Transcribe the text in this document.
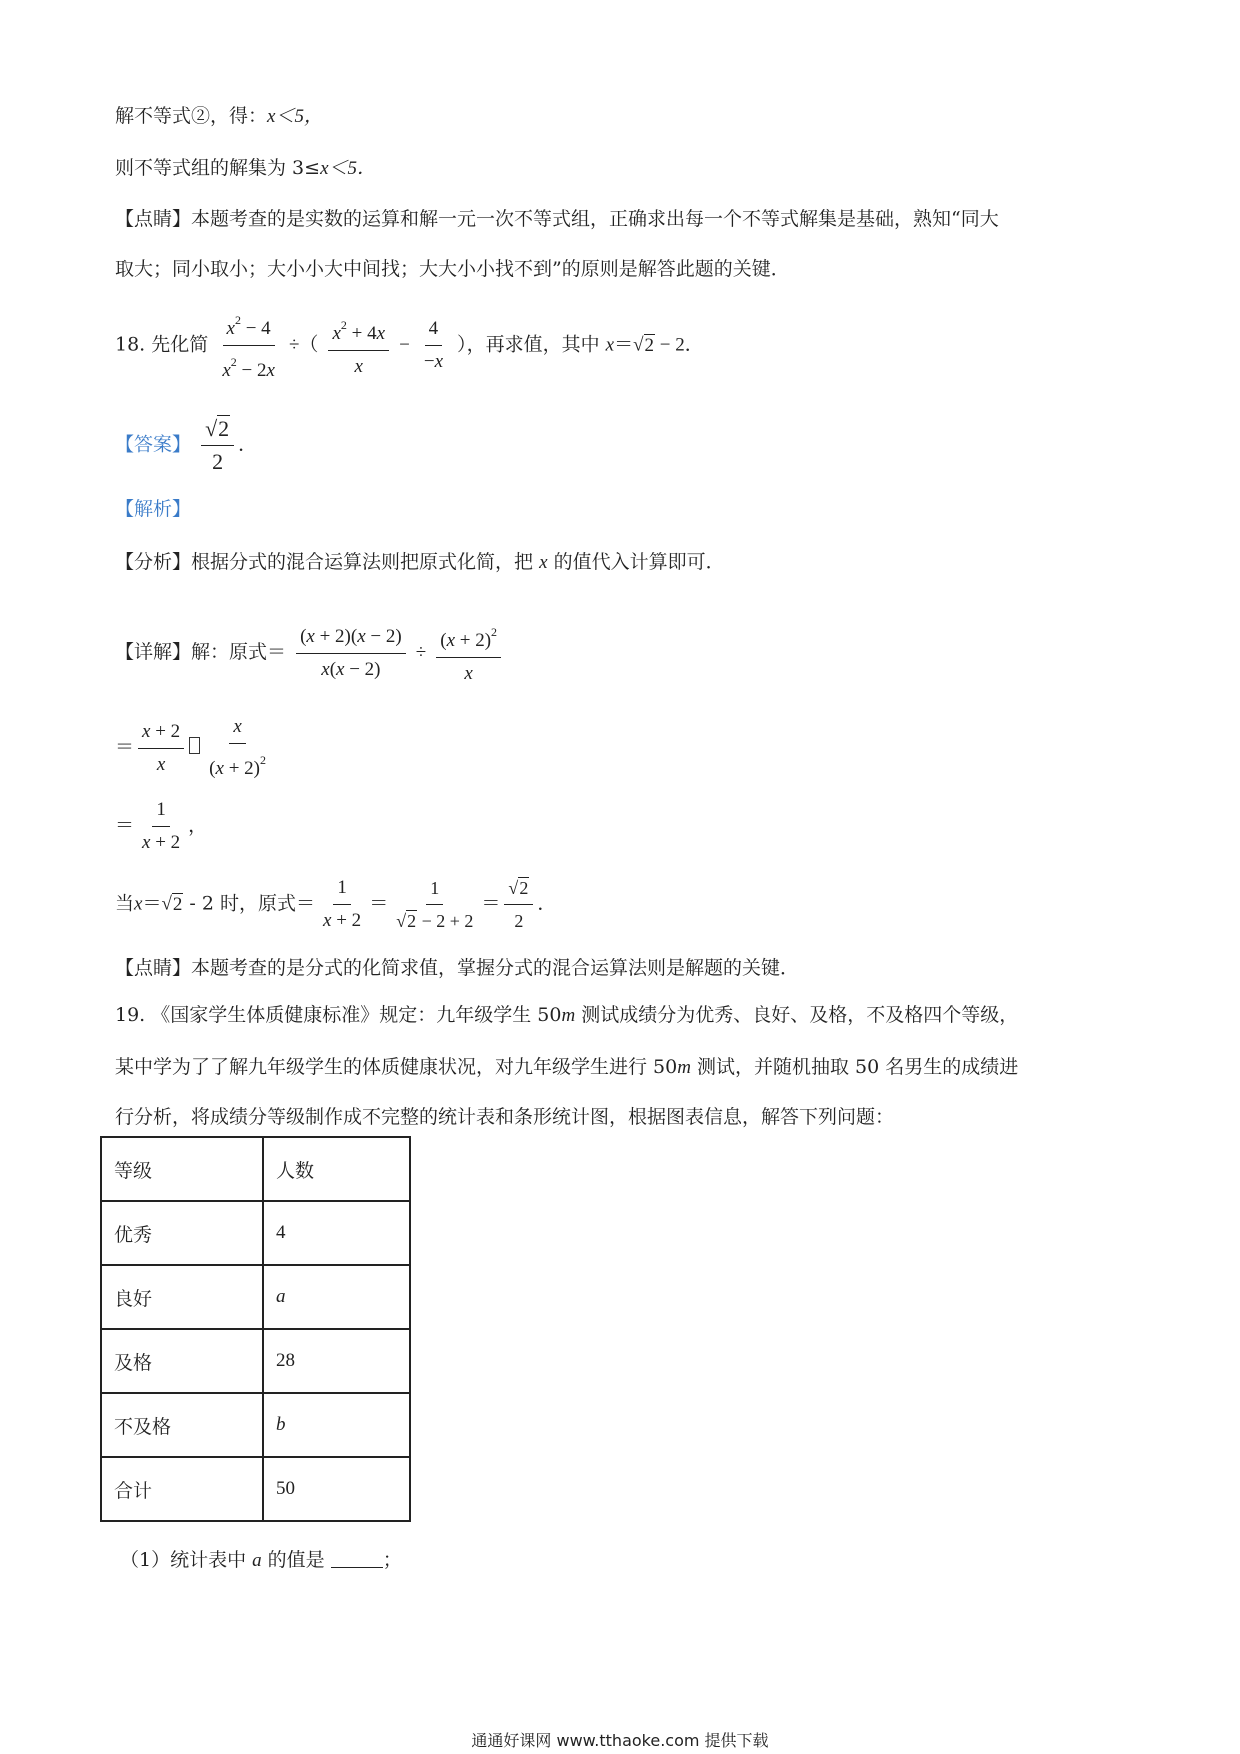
解不等式②，得：x＜5，
则不等式组的解集为 3≤x＜5．
【点睛】本题考查的是实数的运算和解一元一次不等式组，正确求出每一个不等式解集是基础，熟知“同大
取大；同小取小；大小小大中间找；大大小小找不到”的原则是解答此题的关键．
18. 先化简 $\frac{x^2 - 4}{x^2 - 2x}$ ÷（ $\frac{x^2 + 4x}{x} - \frac{4}{-x}$ ），再求值，其中 x＝√2 − 2．
【答案】 $\frac{√2}{2}$ ．
【解析】
【分析】根据分式的混合运算法则把原式化简，把 x 的值代入计算即可．
【详解】解：原式＝ $\frac{(x + 2)(x - 2)}{x(x - 2)} \div \frac{(x + 2)^2}{x}$
＝ $\frac{x + 2}{x} \frac{x}{(x + 2)^2}$
＝ $\frac{1}{x + 2}$ ，
当x＝√2 - 2 时，原式＝ $\frac{1}{x + 2} = \frac{1}{√2 - 2 + 2} = \frac{√2}{2}$ ．
【点睛】本题考查的是分式的化简求值，掌握分式的混合运算法则是解题的关键．
19. 《国家学生体质健康标准》规定：九年级学生 50m 测试成绩分为优秀、良好、及格，不及格四个等级，
某中学为了了解九年级学生的体质健康状况，对九年级学生进行 50m 测试，并随机抽取 50 名男生的成绩进
行分析，将成绩分等级制作成不完整的统计表和条形统计图，根据图表信息，解答下列问题：
等级	人数
优秀	4
良好	a
及格	28
不及格	b
合计	50
（1）统计表中 a 的值是	；
通通好课网 www.tthaoke.com 提供下载
